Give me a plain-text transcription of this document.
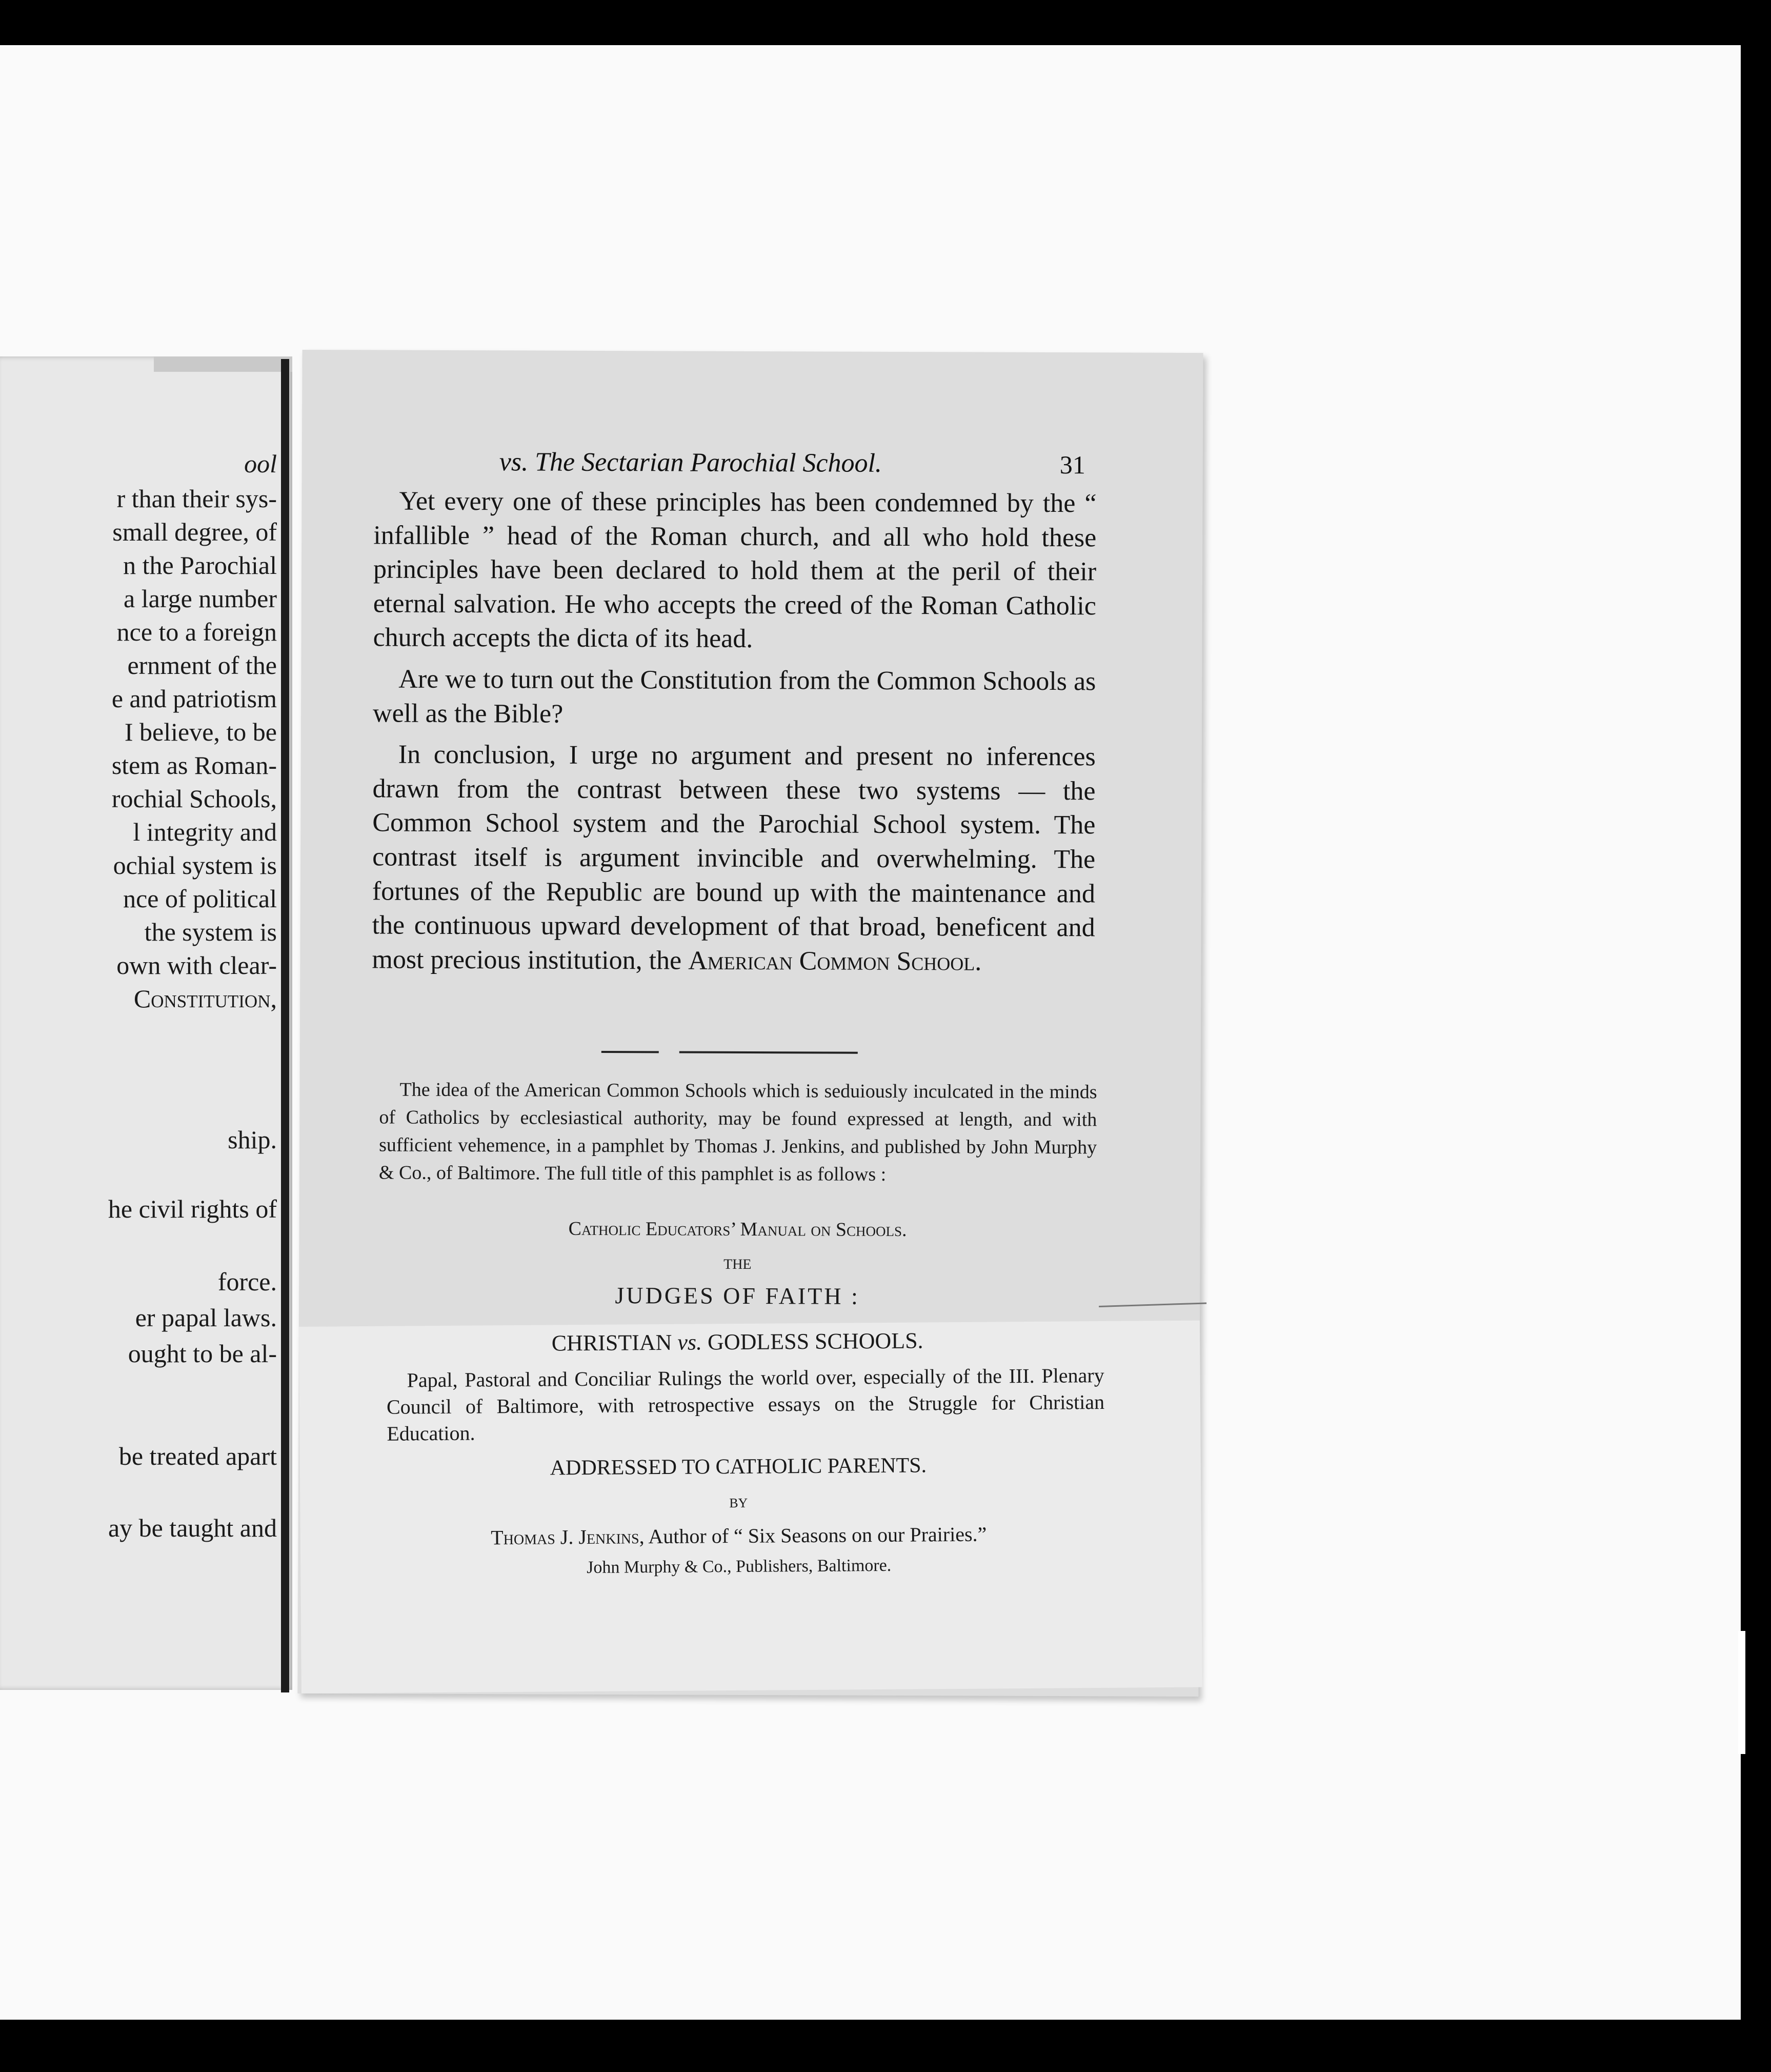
ool
r than their sys-
small degree, of
n the Parochial
a large number
nce to a foreign
ernment of the
e and patriotism
I believe, to be
stem as Roman-
rochial Schools,
l integrity and
ochial system is
nce of political
the system is
own with clear-
Constitution,
ship.
he civil rights of
force.
er papal laws.
ought to be al-
be treated apart
ay be taught and
vs. The Sectarian Parochial School.	31

Yet every one of these principles has been condemned by the “ infallible ” head of the Roman church, and all who hold these principles have been declared to hold them at the peril of their eternal salvation. He who accepts the creed of the Roman Catholic church accepts the dicta of its head.

Are we to turn out the Constitution from the Common Schools as well as the Bible?

In conclusion, I urge no argument and present no inferences drawn from the contrast between these two systems — the Common School system and the Parochial School system. The contrast itself is argument invincible and overwhelming. The fortunes of the Republic are bound up with the maintenance and the continuous upward development of that broad, beneficent and most precious institution, the American Common School.

The idea of the American Common Schools which is seduiously inculcated in the minds of Catholics by ecclesiastical authority, may be found expressed at length, and with sufficient vehemence, in a pamphlet by Thomas J. Jenkins, and published by John Murphy & Co., of Baltimore. The full title of this pamphlet is as follows :

Catholic Educators’ Manual on Schools.
THE
JUDGES OF FAITH :
CHRISTIAN vs. GODLESS SCHOOLS.
Papal, Pastoral and Conciliar Rulings the world over, especially of the III. Plenary Council of Baltimore, with retrospective essays on the Struggle for Christian Education.
ADDRESSED TO CATHOLIC PARENTS.
BY
Thomas J. Jenkins, Author of “ Six Seasons on our Prairies.”
John Murphy & Co., Publishers, Baltimore.
